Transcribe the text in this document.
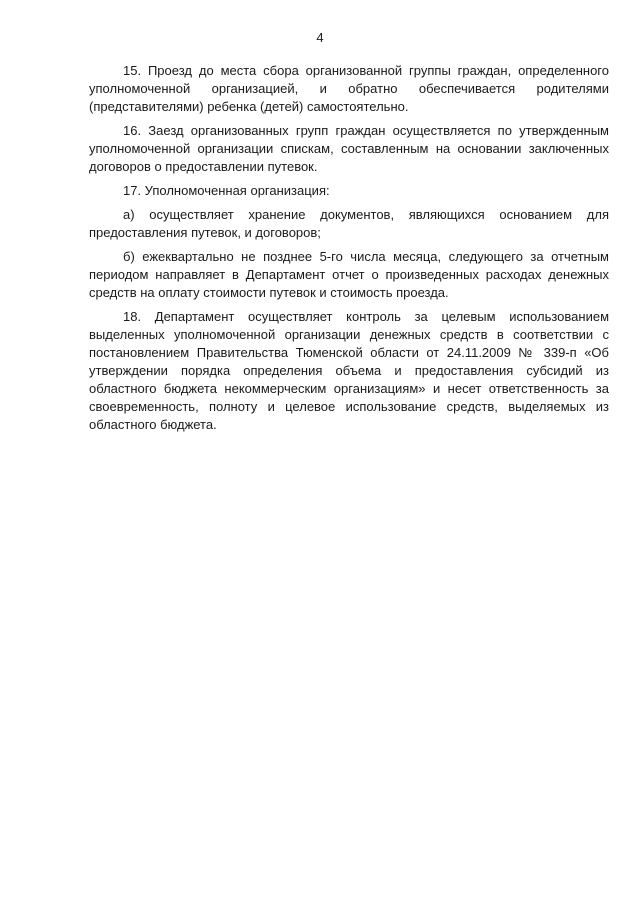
4

15. Проезд до места сбора организованной группы граждан, определенного уполномоченной организацией, и обратно обеспечивается родителями (представителями) ребенка (детей) самостоятельно.

16. Заезд организованных групп граждан осуществляется по утвержденным уполномоченной организации спискам, составленным на основании заключенных договоров о предоставлении путевок.

17. Уполномоченная организация:

а) осуществляет хранение документов, являющихся основанием для предоставления путевок, и договоров;

б) ежеквартально не позднее 5-го числа месяца, следующего за отчетным периодом направляет в Департамент отчет о произведенных расходах денежных средств на оплату стоимости путевок и стоимость проезда.

18. Департамент осуществляет контроль за целевым использованием выделенных уполномоченной организации денежных средств в соответствии с постановлением Правительства Тюменской области от 24.11.2009 № 339-п «Об утверждении порядка определения объема и предоставления субсидий из областного бюджета некоммерческим организациям» и несет ответственность за своевременность, полноту и целевое использование средств, выделяемых из областного бюджета.
